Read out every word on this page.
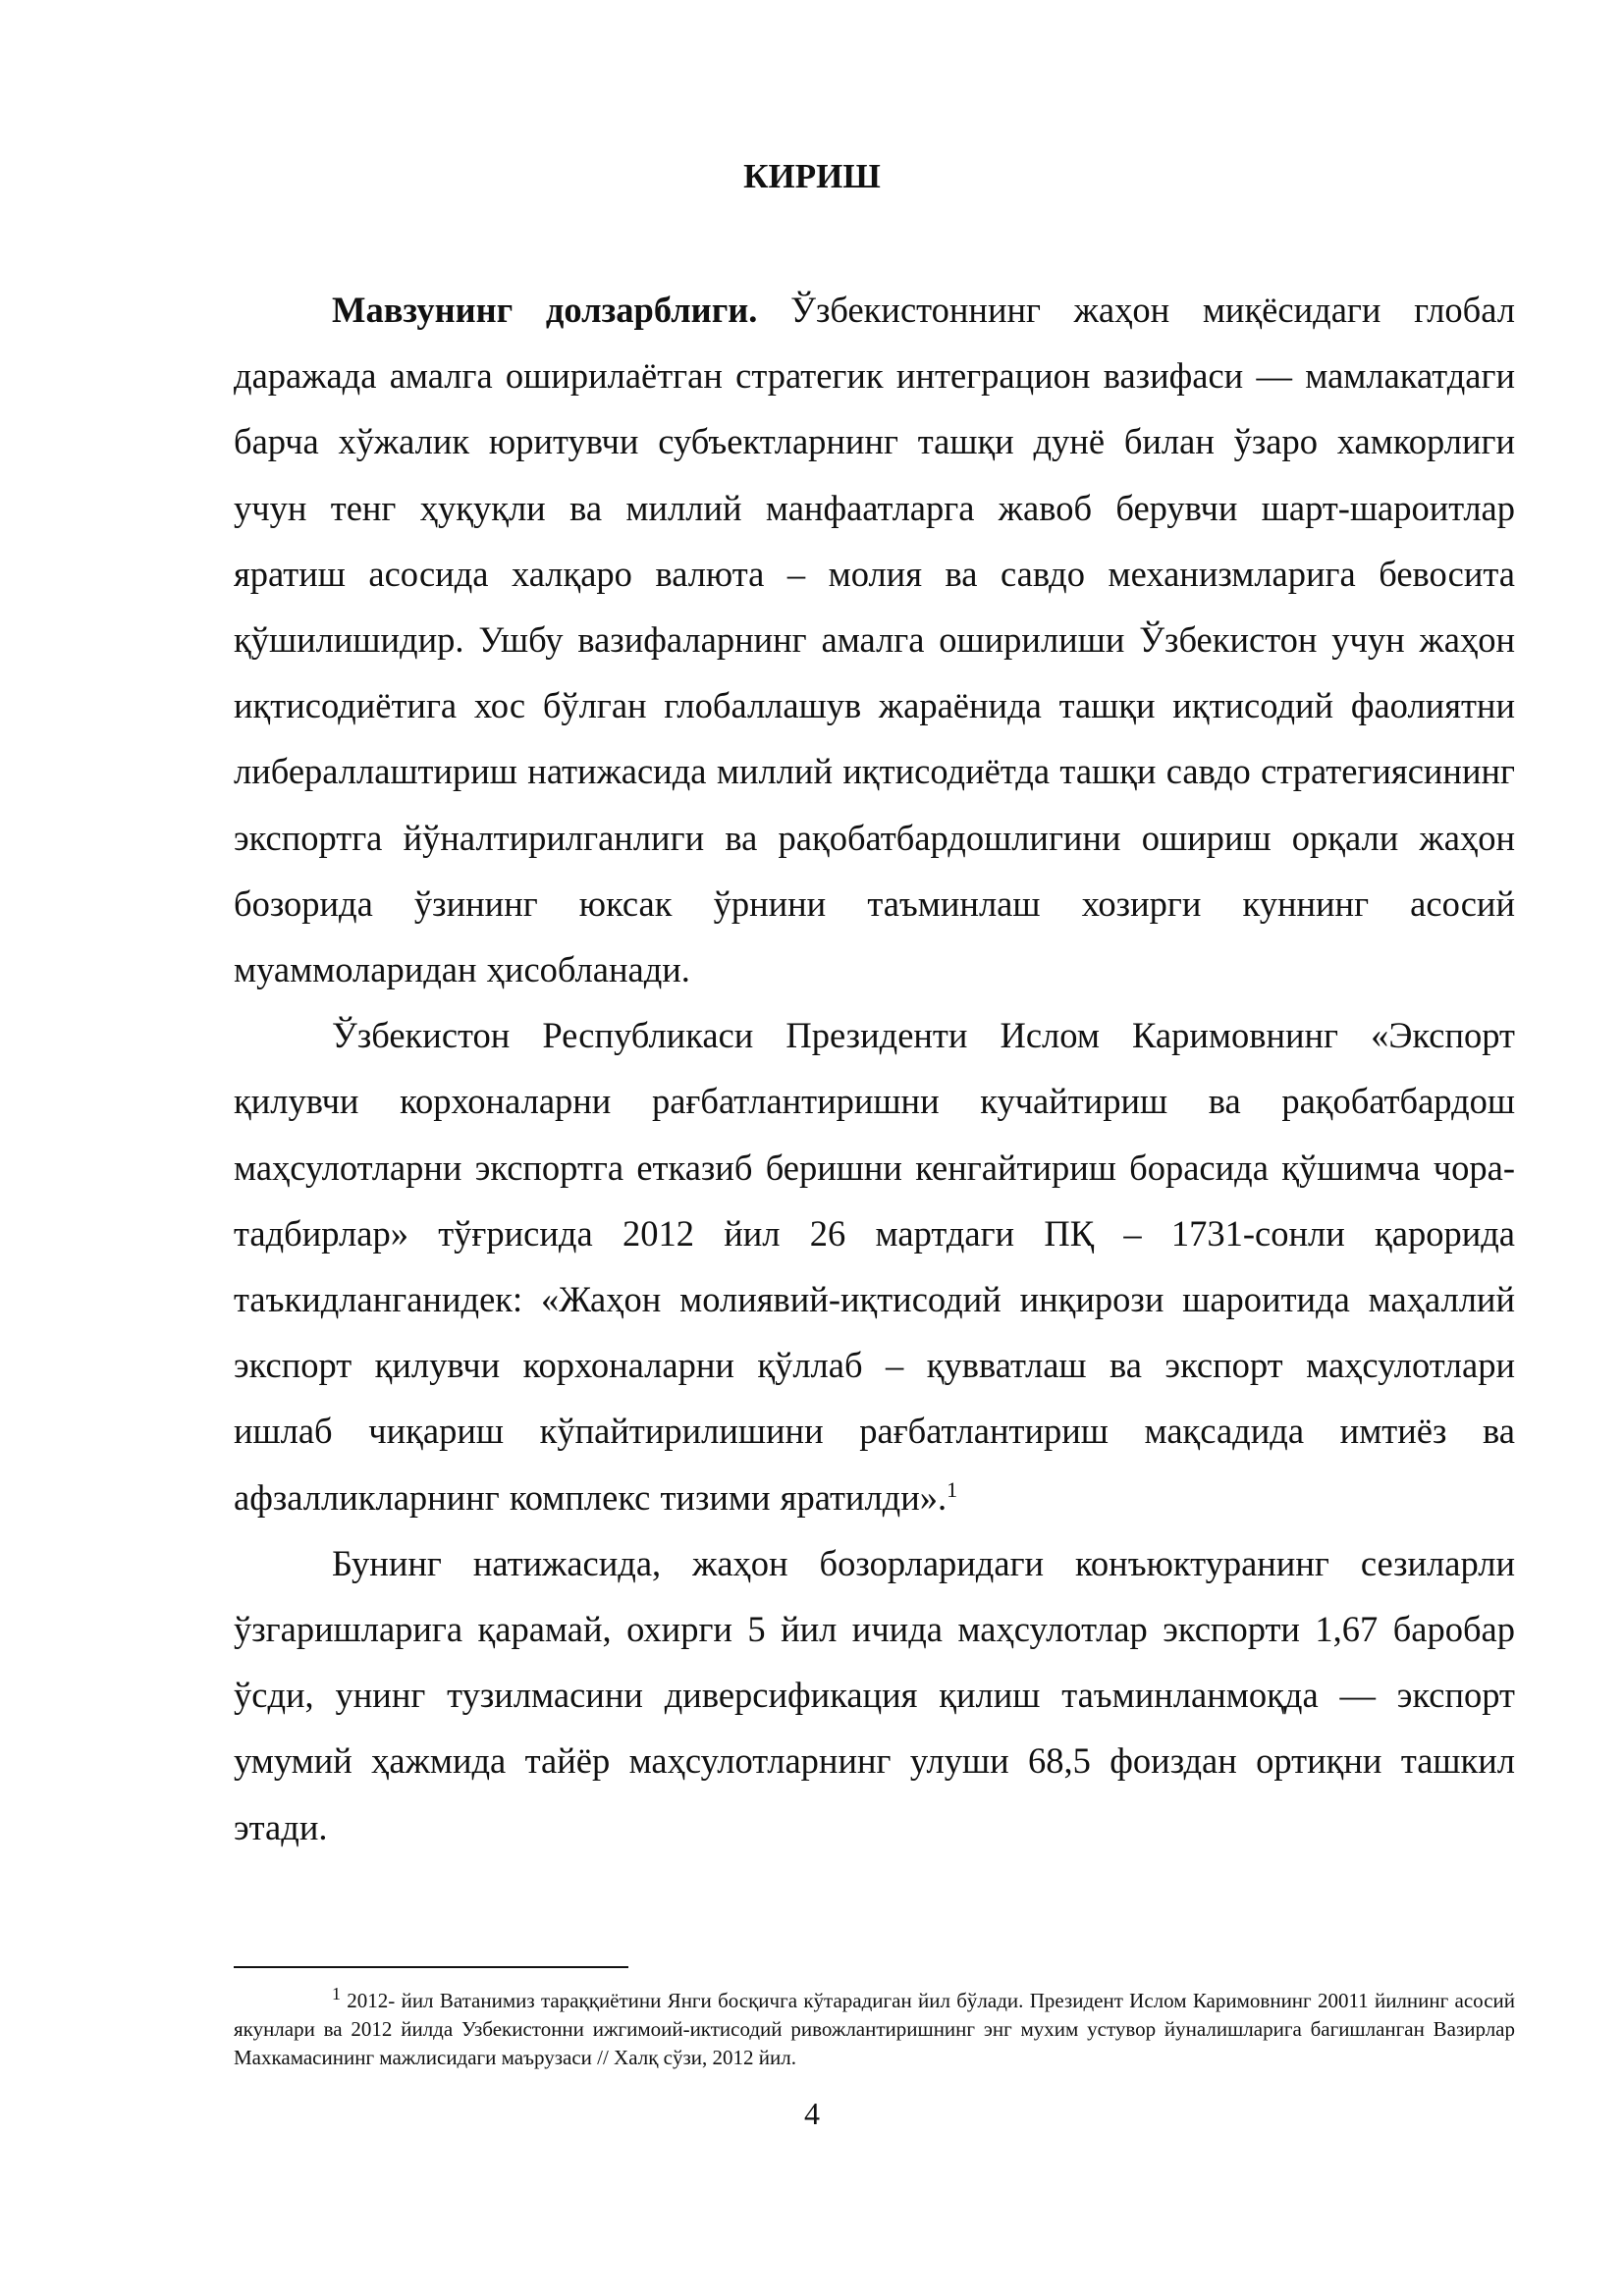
КИРИШ

Мавзунинг долзарблиги. Ўзбекистоннинг жаҳон миқёсидаги глобал даражада амалга оширилаётган стратегик интеграцион вазифаси — мамлакатдаги барча хўжалик юритувчи субъектларнинг ташқи дунё билан ўзаро хамкорлиги учун тенг ҳуқуқли ва миллий манфаатларга жавоб берувчи шарт-шароитлар яратиш асосида халқаро валюта – молия ва савдо механизмларига бевосита қўшилишидир. Ушбу вазифаларнинг амалга оширилиши Ўзбекистон учун жаҳон иқтисодиётига хос бўлган глобаллашув жараёнида ташқи иқтисодий фаолиятни либераллаштириш натижасида миллий иқтисодиётда ташқи савдо стратегиясининг экспортга йўналтирилганлиги ва рақобатбардошлигини ошириш орқали жаҳон бозорида ўзининг юксак ўрнини таъминлаш хозирги куннинг асосий муаммоларидан ҳисобланади.

Ўзбекистон Республикаси Президенти Ислом Каримовнинг «Экспорт қилувчи корхоналарни рағбатлантиришни кучайтириш ва рақобатбардош маҳсулотларни экспортга етказиб беришни кенгайтириш борасида қўшимча чора-тадбирлар» тўғрисида 2012 йил 26 мартдаги ПҚ – 1731-сонли қарорида таъкидланганидек: «Жаҳон молиявий-иқтисодий инқирози шароитида маҳаллий экспорт қилувчи корхоналарни қўллаб – қувватлаш ва экспорт маҳсулотлари ишлаб чиқариш кўпайтирилишини рағбатлантириш мақсадида имтиёз ва афзалликларнинг комплекс тизими яратилди».$^1$

Бунинг натижасида, жаҳон бозорларидаги конъюктуранинг сезиларли ўзгаришларига қарамай, охирги 5 йил ичида маҳсулотлар экспорти 1,67 баробар ўсди, унинг тузилмасини диверсификация қилиш таъминланмоқда — экспорт умумий ҳажмида тайёр маҳсулотларнинг улуши 68,5 фоиздан ортиқни ташкил этади.

$^1$ 2012- йил Ватанимиз тараққиётини Янги босқичга кўтарадиган йил бўлади. Президент Ислом Каримовнинг 20011 йилнинг асосий якунлари ва 2012 йилда Узбекистонни ижгимоий-иктисодий ривожлантиришнинг энг мухим устувор йуналишларига багишланган Вазирлар Махкамасининг мажлисидаги маърузаси // Халқ сўзи, 2012 йил.

4
